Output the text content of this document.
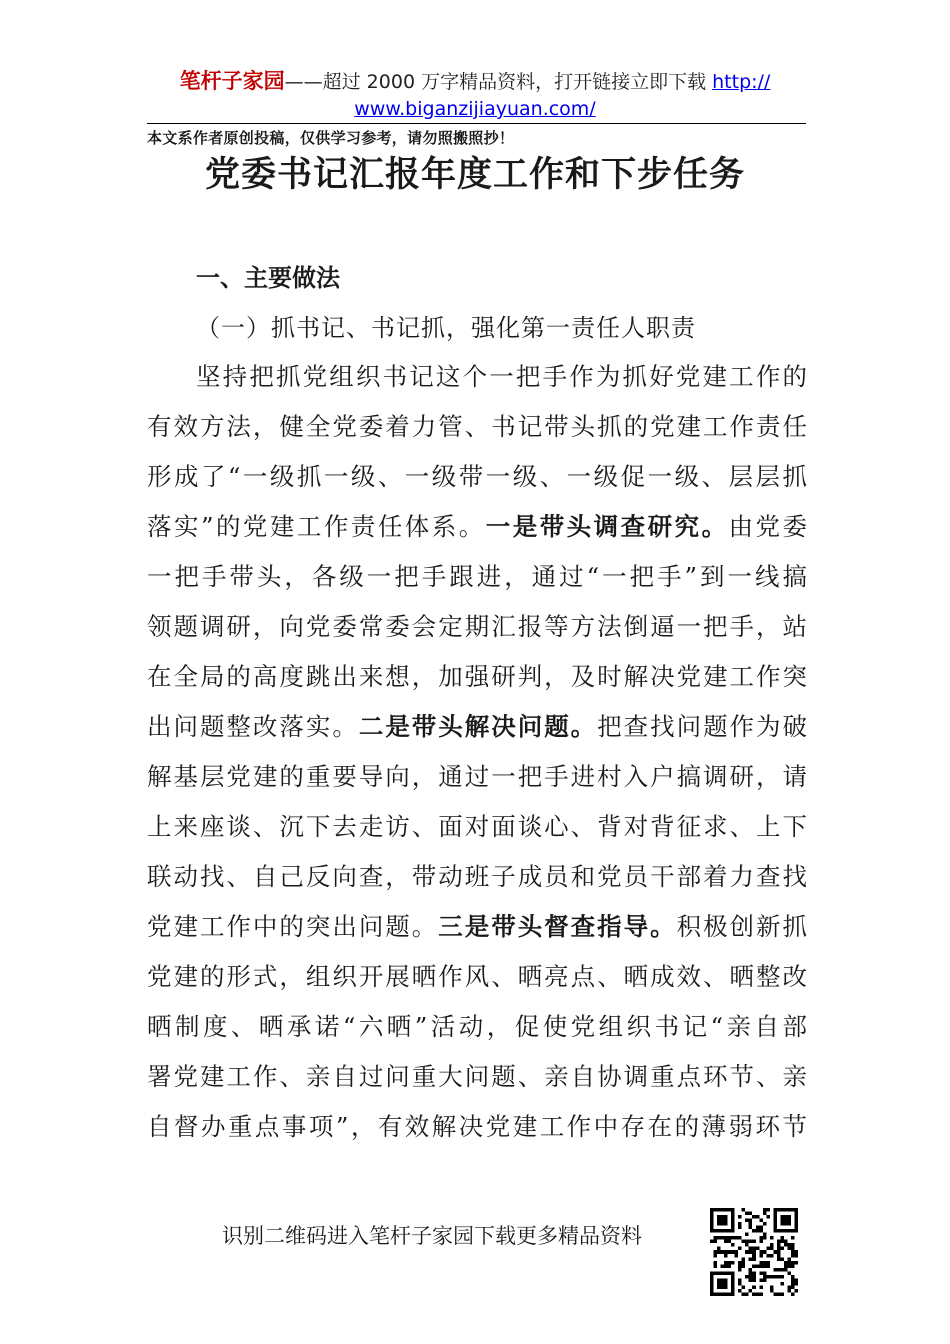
笔杆子家园——超过 2000 万字精品资料，打开链接立即下载 http://
www.biganzijiayuan.com/
本文系作者原创投稿，仅供学习参考，请勿照搬照抄！
党委书记汇报年度工作和下步任务
一、主要做法
（一）抓书记、书记抓，强化第一责任人职责
坚持把抓党组织书记这个一把手作为抓好党建工作的
有效方法，健全党委着力管、书记带头抓的党建工作责任
形成了“一级抓一级、一级带一级、一级促一级、层层抓
落实”的党建工作责任体系。一是带头调查研究。由党委
一把手带头，各级一把手跟进，通过“一把手”到一线搞
领题调研，向党委常委会定期汇报等方法倒逼一把手，站
在全局的高度跳出来想，加强研判，及时解决党建工作突
出问题整改落实。二是带头解决问题。把查找问题作为破
解基层党建的重要导向，通过一把手进村入户搞调研，请
上来座谈、沉下去走访、面对面谈心、背对背征求、上下
联动找、自己反向查，带动班子成员和党员干部着力查找
党建工作中的突出问题。三是带头督查指导。积极创新抓
党建的形式，组织开展晒作风、晒亮点、晒成效、晒整改
晒制度、晒承诺“六晒”活动，促使党组织书记“亲自部
署党建工作、亲自过问重大问题、亲自协调重点环节、亲
自督办重点事项”，有效解决党建工作中存在的薄弱环节
识别二维码进入笔杆子家园下载更多精品资料
